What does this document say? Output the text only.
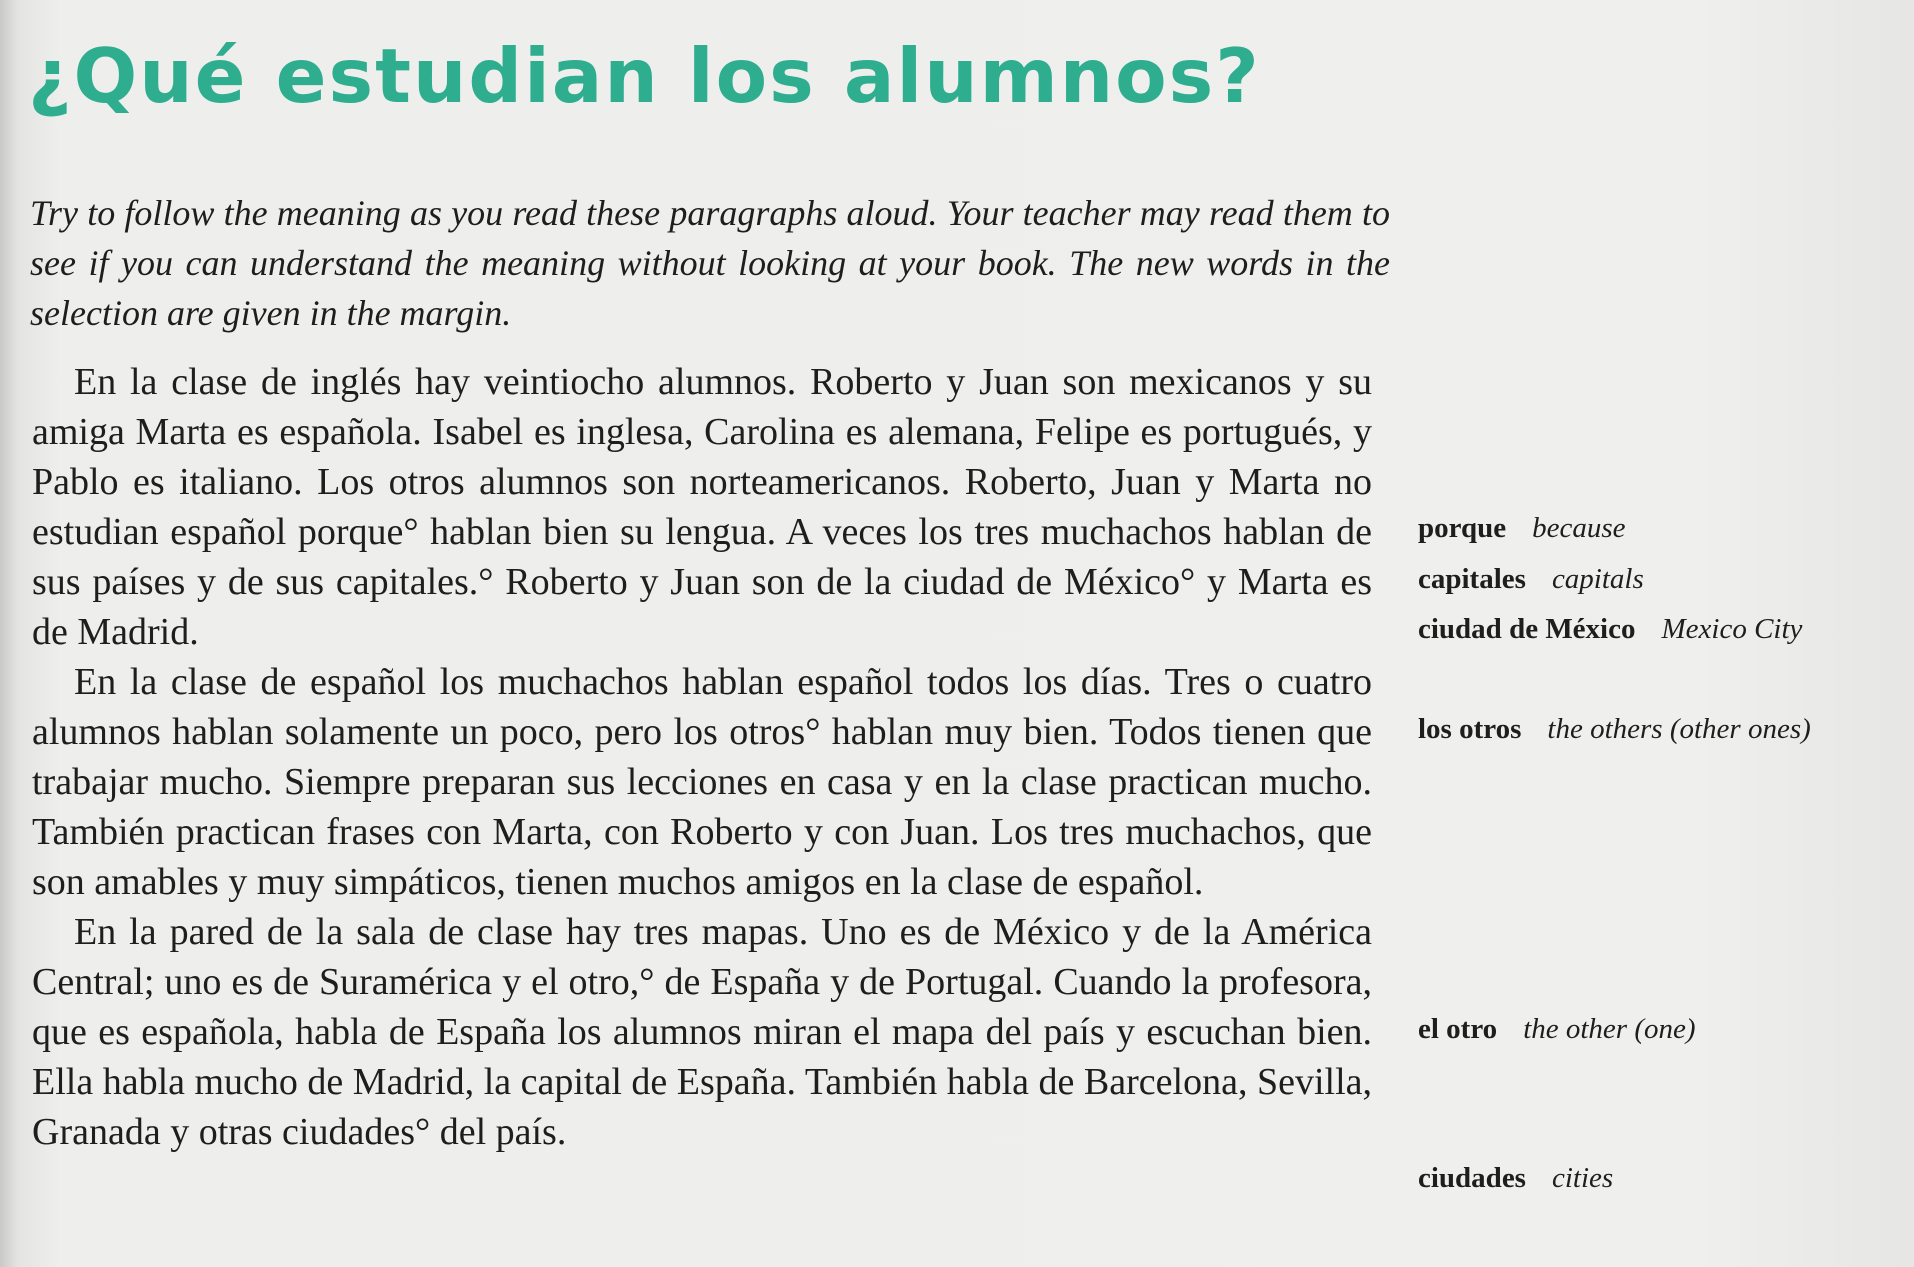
¿Qué estudian los alumnos?

Try to follow the meaning as you read these paragraphs aloud. Your teacher may read them to see if you can understand the meaning without looking at your book. The new words in the selection are given in the margin.

En la clase de inglés hay veintiocho alumnos. Roberto y Juan son mexicanos y su amiga Marta es española. Isabel es inglesa, Carolina es alemana, Felipe es portugués, y Pablo es italiano. Los otros alumnos son norteamericanos. Roberto, Juan y Marta no estudian español porque° hablan bien su lengua. A veces los tres muchachos hablan de sus países y de sus capitales.° Roberto y Juan son de la ciudad de México° y Marta es de Madrid.

En la clase de español los muchachos hablan español todos los días. Tres o cuatro alumnos hablan solamente un poco, pero los otros° hablan muy bien. Todos tienen que trabajar mucho. Siempre preparan sus lecciones en casa y en la clase practican mucho. También practican frases con Marta, con Roberto y con Juan. Los tres muchachos, que son amables y muy simpáticos, tienen muchos amigos en la clase de español.

En la pared de la sala de clase hay tres mapas. Uno es de México y de la América Central; uno es de Suramérica y el otro,° de España y de Portugal. Cuando la profesora, que es española, habla de España los alumnos miran el mapa del país y escuchan bien. Ella habla mucho de Madrid, la capital de España. También habla de Barcelona, Sevilla, Granada y otras ciudades° del país.

porque because
capitales capitals
ciudad de México Mexico City
los otros the others (other ones)
el otro the other (one)
ciudades cities
